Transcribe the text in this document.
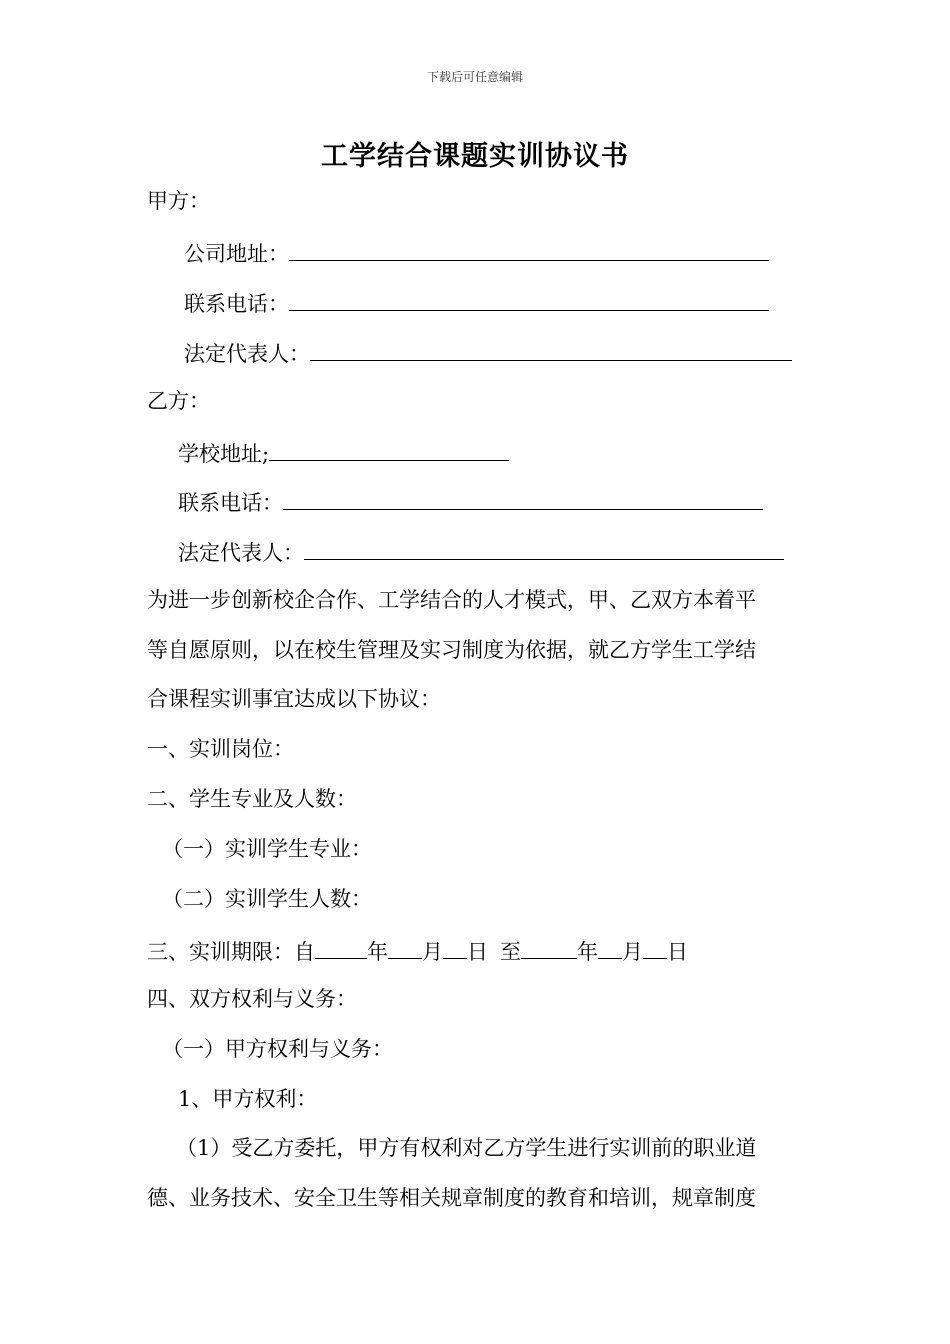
下载后可任意编辑
工学结合课题实训协议书
甲方：
公司地址：
联系电话：
法定代表人：
乙方：
学校地址;
联系电话：
法定代表人：
为进一步创新校企合作、工学结合的人才模式，甲、乙双方本着平
等自愿原则，以在校生管理及实习制度为依据，就乙方学生工学结
合课程实训事宜达成以下协议：
一、实训岗位：
二、学生专业及人数：
（一）实训学生专业：
（二）实训学生人数：
三、实训期限：自 年 月 日 至	年 月 日
四、双方权利与义务：
（一）甲方权利与义务：
1、甲方权利：
（1）受乙方委托，甲方有权利对乙方学生进行实训前的职业道
德、业务技术、安全卫生等相关规章制度的教育和培训，规章制度
